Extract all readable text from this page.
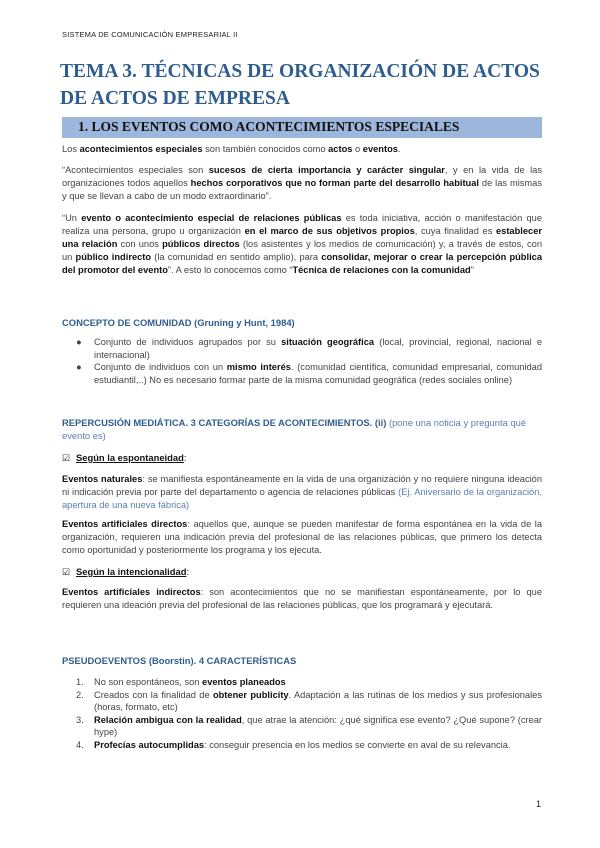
SISTEMA DE COMUNICACIÓN EMPRESARIAL II
TEMA 3. TÉCNICAS DE ORGANIZACIÓN DE ACTOS DE ACTOS DE EMPRESA
1. LOS EVENTOS COMO ACONTECIMIENTOS ESPECIALES
Los acontecimientos especiales son también conocidos como actos o eventos.
“Acontecimientos especiales son sucesos de cierta importancia y carácter singular, y en la vida de las organizaciones todos aquellos hechos corporativos que no forman parte del desarrollo habitual de las mismas y que se llevan a cabo de un modo extraordinario”.
“Un evento o acontecimiento especial de relaciones públicas es toda iniciativa, acción o manifestación que realiza una persona, grupo u organización en el marco de sus objetivos propios, cuya finalidad es establecer una relación con unos públicos directos (los asistentes y los medios de comunicación) y, a través de estos, con un público indirecto (la comunidad en sentido amplio), para consolidar, mejorar o crear la percepción pública del promotor del evento”. A esto lo conocemos como “Técnica de relaciones con la comunidad”
CONCEPTO DE COMUNIDAD (Gruning y Hunt, 1984)
● Conjunto de individuos agrupados por su situación geográfica (local, provincial, regional, nacional e internacional)
● Conjunto de individuos con un mismo interés. (comunidad científica, comunidad empresarial, comunidad estudiantil,..) No es necesario formar parte de la misma comunidad geográfica (redes sociales online)
REPERCUSIÓN MEDIÁTICA. 3 CATEGORÍAS DE ACONTECIMIENTOS. (ii) (pone una noticia y pregunta qué evento es)
☑ Según la espontaneidad:
Eventos naturales: se manifiesta espontáneamente en la vida de una organización y no requiere ninguna ideación ni indicación previa por parte del departamento o agencia de relaciones públicas (Ej. Aniversario de la organización, apertura de una nueva fábrica)
Eventos artificiales directos: aquellos que, aunque se pueden manifestar de forma espontánea en la vida de la organización, requieren una indicación previa del profesional de las relaciones públicas, que primero los detecta como oportunidad y posteriormente los programa y los ejecuta.
☑ Según la intencionalidad:
Eventos artificiales indirectos: son acontecimientos que no se manifiestan espontáneamente, por lo que requieren una ideación previa del profesional de las relaciones públicas, que los programará y ejecutará.
PSEUDOEVENTOS (Boorstin). 4 CARACTERÍSTICAS
1. No son espontáneos, son eventos planeados
2. Creados con la finalidad de obtener publicity. Adaptación a las rutinas de los medios y sus profesionales (horas, formato, etc)
3. Relación ambigua con la realidad, que atrae la atención: ¿qué significa ese evento? ¿Qué supone? (crear hype)
4. Profecías autocumplidas: conseguir presencia en los medios se convierte en aval de su relevancia.
1
